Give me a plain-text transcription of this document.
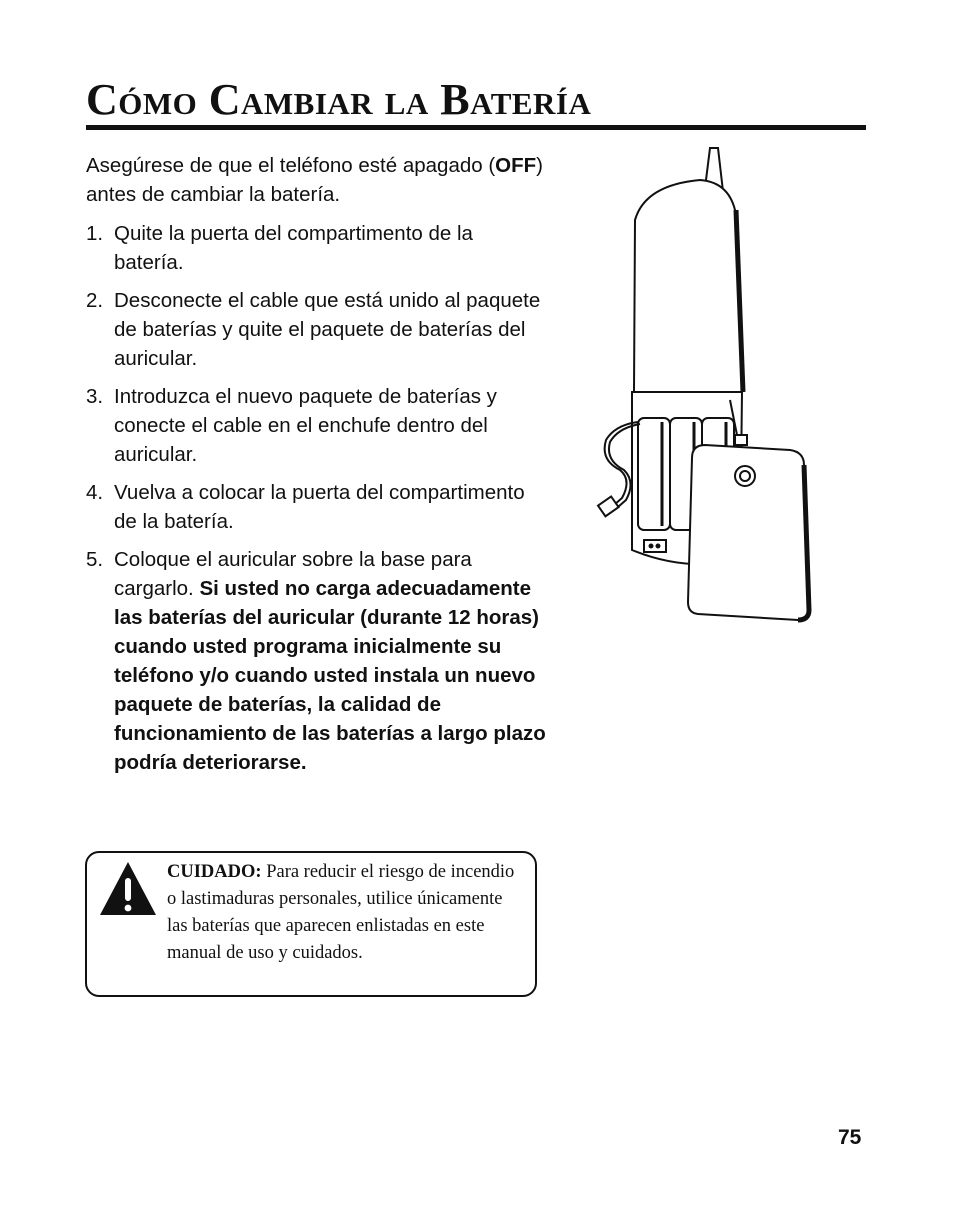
Cómo Cambiar la Batería

Asegúrese de que el teléfono esté apagado (OFF) antes de cambiar la batería.

1. Quite la puerta del compartimento de la batería.
2. Desconecte el cable que está unido al paquete de baterías y quite el paquete de baterías del auricular.
3. Introduzca el nuevo paquete de baterías y conecte el cable en el enchufe dentro del auricular.
4. Vuelva a colocar la puerta del compartimento de la batería.
5. Coloque el auricular sobre la base para cargarlo. Si usted no carga adecuadamente las baterías del auricular (durante 12 horas) cuando usted programa inicialmente su teléfono y/o cuando usted instala un nuevo paquete de baterías, la calidad de funcionamiento de las baterías a largo plazo podría deteriorarse.
CUIDADO: Para reducir el riesgo de incendio o lastimaduras personales, utilice únicamente las baterías que aparecen enlistadas en este manual de uso y cuidados.
75
